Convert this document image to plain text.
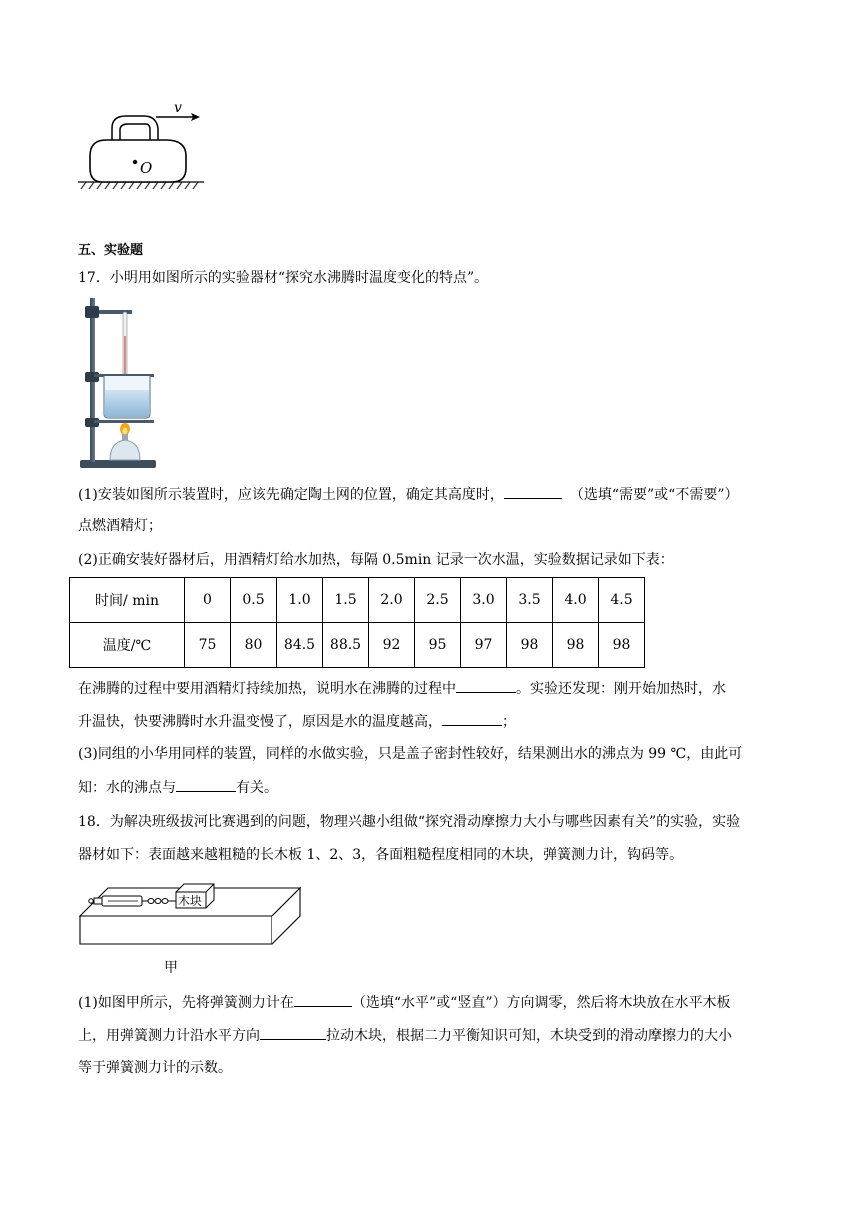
O
v
五、实验题
17．小明用如图所示的实验器材“探究水沸腾时温度变化的特点”。
(1)安装如图所示装置时，应该先确定陶土网的位置，确定其高度时，	（选填“需要”或“不需要”）
点燃酒精灯；
(2)正确安装好器材后，用酒精灯给水加热，每隔 0.5min 记录一次水温，实验数据记录如下表：
时间/ min	0	0.5	1.0	1.5	2.0	2.5	3.0	3.5	4.0	4.5
温度/℃	75	80	84.5	88.5	92	95	97	98	98	98
在沸腾的过程中要用酒精灯持续加热，说明水在沸腾的过程中	。实验还发现：刚开始加热时，水
升温快，快要沸腾时水升温变慢了，原因是水的温度越高，	；
(3)同组的小华用同样的装置，同样的水做实验，只是盖子密封性较好，结果测出水的沸点为 99 ℃，由此可
知：水的沸点与	有关。
18．为解决班级拔河比赛遇到的问题，物理兴趣小组做“探究滑动摩擦力大小与哪些因素有关”的实验，实验
器材如下：表面越来越粗糙的长木板 1、2、3，各面粗糙程度相同的木块，弹簧测力计，钩码等。
木块
甲
(1)如图甲所示，先将弹簧测力计在	（选填“水平”或“竖直”）方向调零，然后将木块放在水平木板
上，用弹簧测力计沿水平方向	拉动木块，根据二力平衡知识可知，木块受到的滑动摩擦力的大小
等于弹簧测力计的示数。
